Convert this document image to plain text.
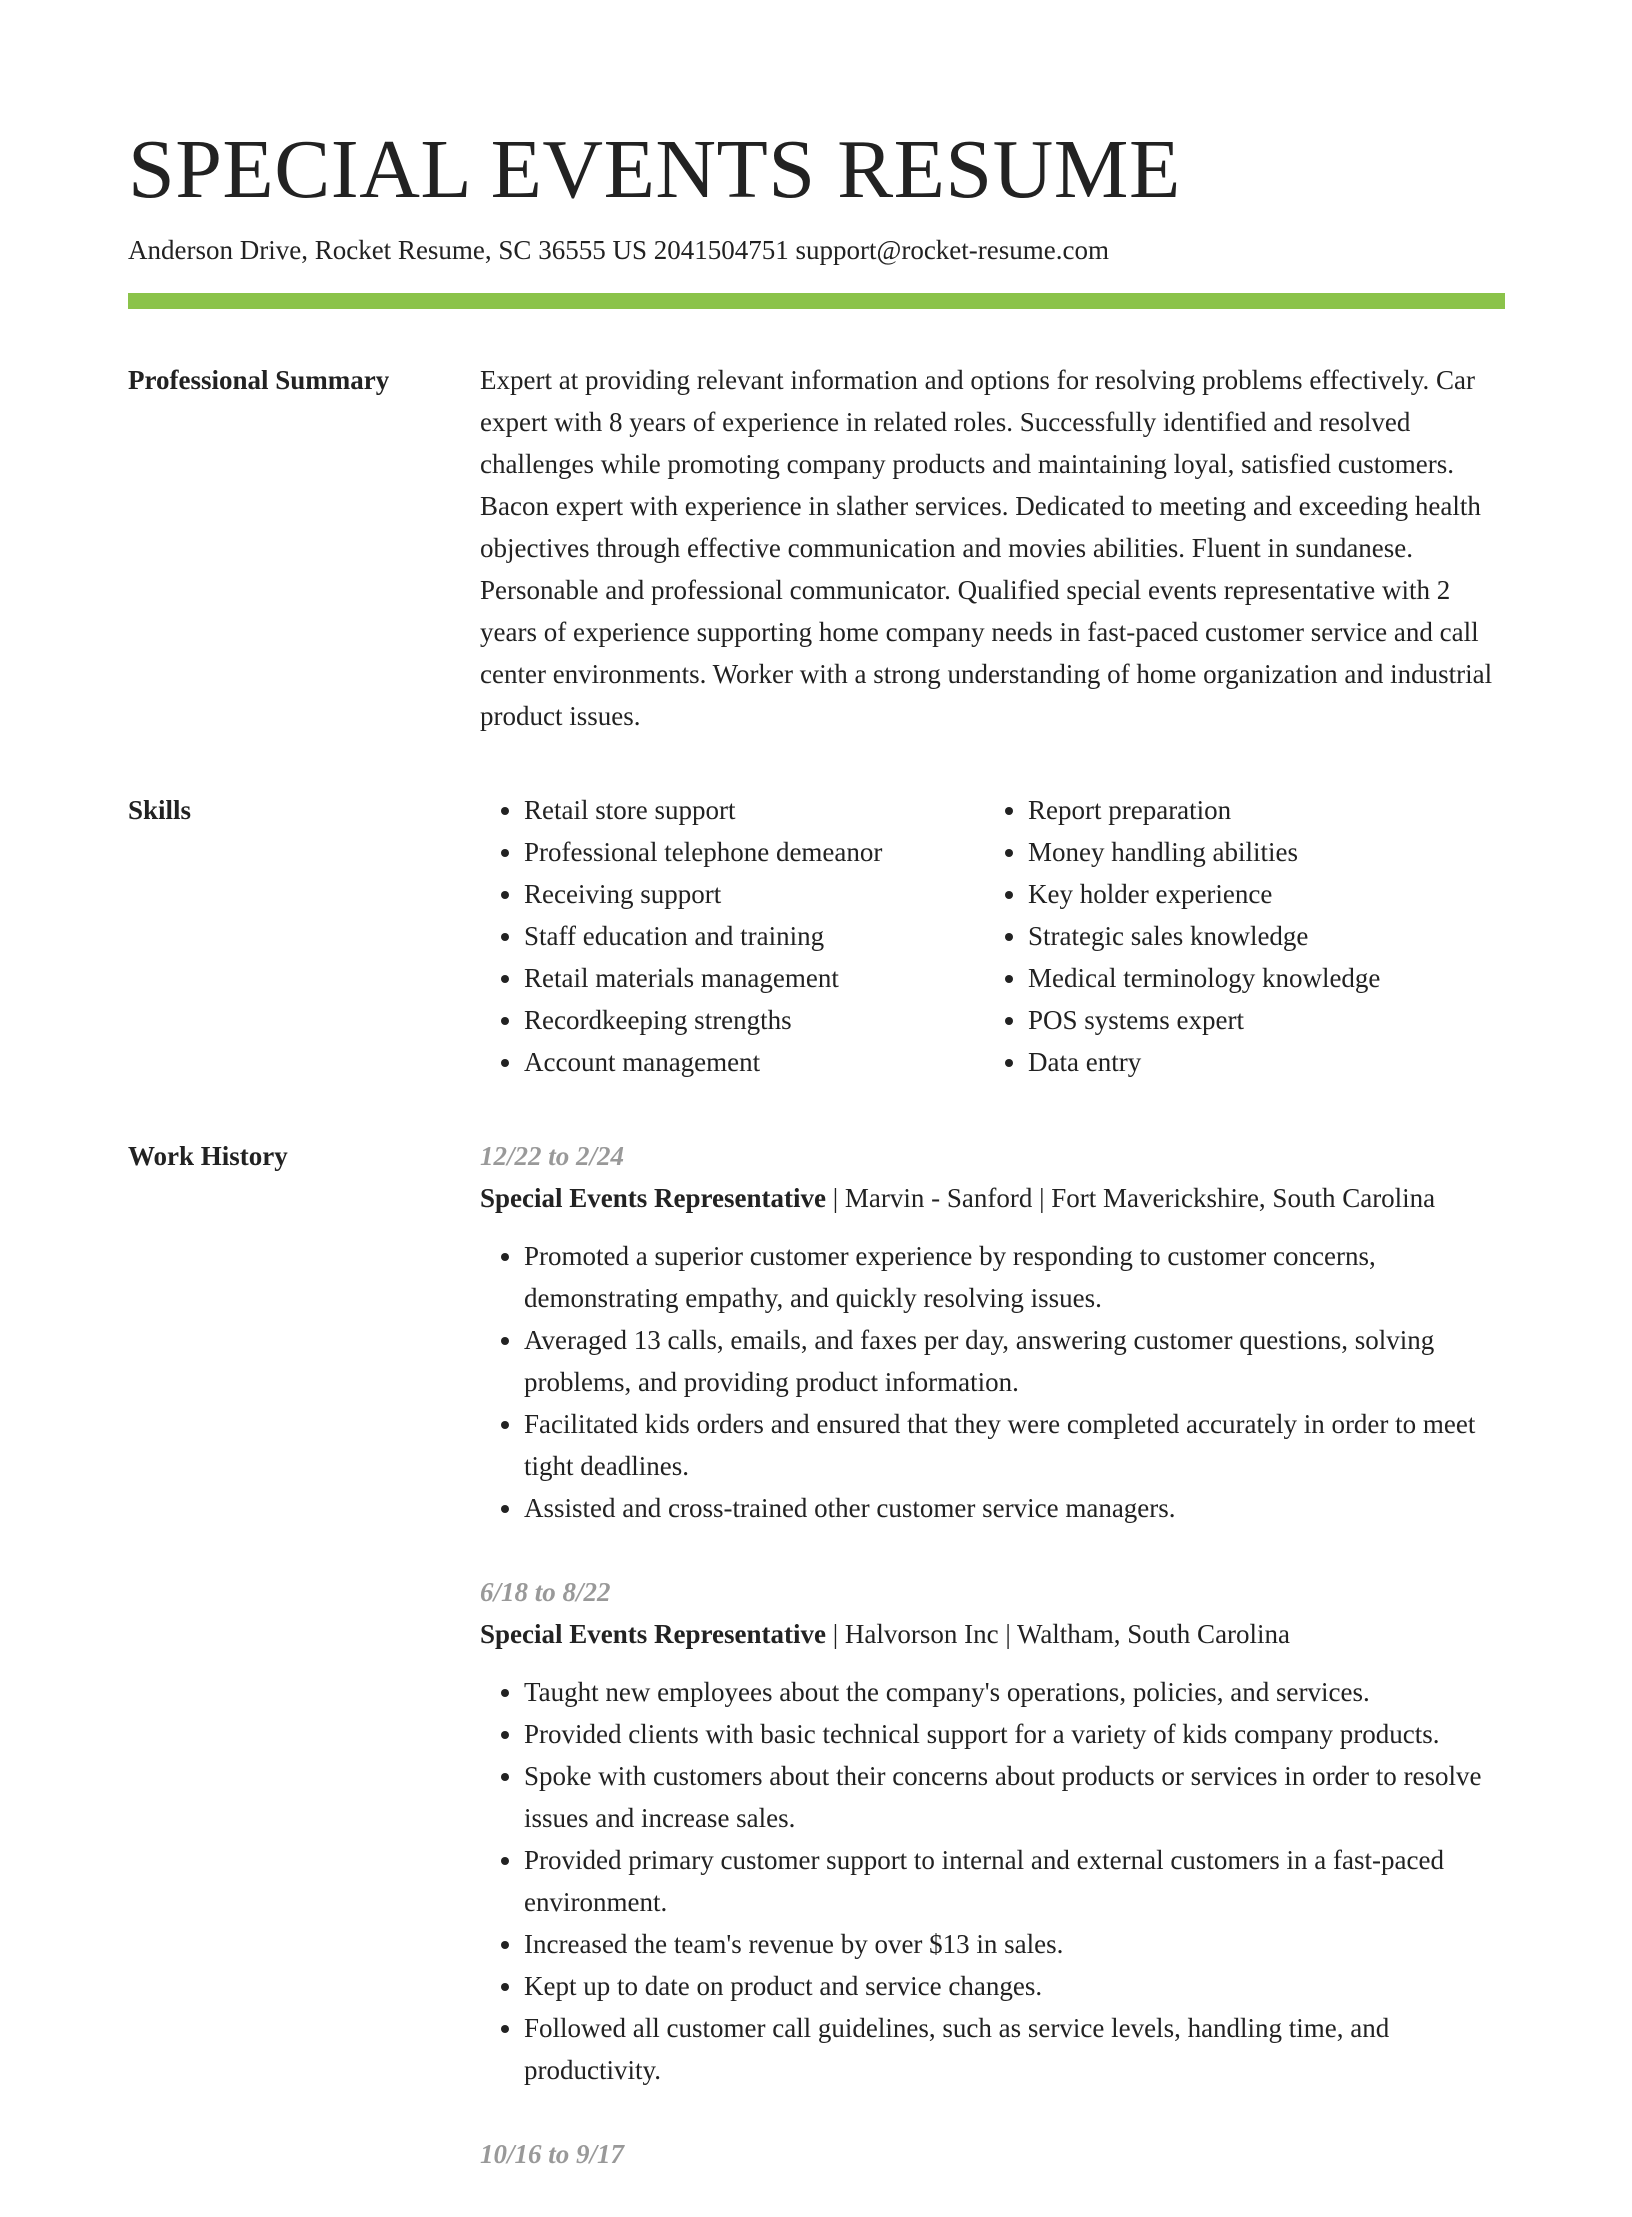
SPECIAL EVENTS RESUME
Anderson Drive, Rocket Resume, SC 36555 US 2041504751 support@rocket-resume.com
Professional Summary	Expert at providing relevant information and options for resolving problems effectively. Car expert with 8 years of experience in related roles. Successfully identified and resolved challenges while promoting company products and maintaining loyal, satisfied customers. Bacon expert with experience in slather services. Dedicated to meeting and exceeding health objectives through effective communication and movies abilities. Fluent in sundanese. Personable and professional communicator. Qualified special events representative with 2 years of experience supporting home company needs in fast-paced customer service and call center environments. Worker with a strong understanding of home organization and industrial product issues.

Skills
•	Retail store support
• Professional telephone demeanor
• Receiving support
• Staff education and training
• Retail materials management
• Recordkeeping strengths
• Account management
• Report preparation
• Money handling abilities
• Key holder experience
• Strategic sales knowledge
• Medical terminology knowledge
• POS systems expert
• Data entry
Work History	12/22 to 2/24
Special Events Representative | Marvin - Sanford | Fort Maverickshire, South Carolina
• Promoted a superior customer experience by responding to customer concerns, demonstrating empathy, and quickly resolving issues.
• Averaged 13 calls, emails, and faxes per day, answering customer questions, solving problems, and providing product information.
• Facilitated kids orders and ensured that they were completed accurately in order to meet tight deadlines.
• Assisted and cross-trained other customer service managers.
6/18 to 8/22
Special Events Representative | Halvorson Inc | Waltham, South Carolina
• Taught new employees about the company's operations, policies, and services.
• Provided clients with basic technical support for a variety of kids company products.
• Spoke with customers about their concerns about products or services in order to resolve issues and increase sales.
• Provided primary customer support to internal and external customers in a fast-paced environment.
• Increased the team's revenue by over $13 in sales.
• Kept up to date on product and service changes.
• Followed all customer call guidelines, such as service levels, handling time, and productivity.
10/16 to 9/17
